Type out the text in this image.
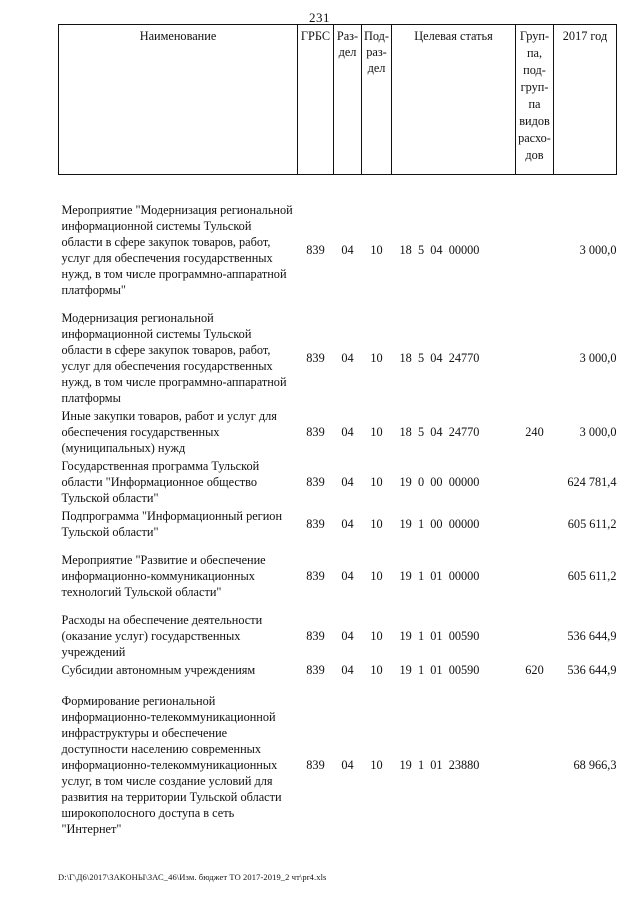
231
Наименование	ГРБС	Раз-дел	Под-раз-дел	Целевая статья	Груп-па, под-груп-па видов расхо-дов	2017 год

Мероприятие "Модернизация региональной информационной системы Тульской области в сфере закупок товаров, работ, услуг для обеспечения государственных нужд, в том числе программно-аппаратной платформы"	839	04	10	18  5  04  00000		3 000,0
Модернизация региональной информационной системы Тульской области в сфере закупок товаров, работ, услуг для обеспечения государственных нужд, в том числе программно-аппаратной платформы	839	04	10	18  5  04  24770		3 000,0
Иные закупки товаров, работ и услуг для обеспечения государственных (муниципальных) нужд	839	04	10	18  5  04  24770	240	3 000,0
Государственная программа Тульской области "Информационное общество Тульской области"	839	04	10	19  0  00  00000		624 781,4
Подпрограмма "Информационный регион Тульской области"	839	04	10	19  1  00  00000		605 611,2
Мероприятие "Развитие и обеспечение информационно-коммуникационных технологий Тульской области"	839	04	10	19  1  01  00000		605 611,2
Расходы на обеспечение деятельности (оказание услуг) государственных учреждений	839	04	10	19  1  01  00590		536 644,9
Субсидии автономным учреждениям	839	04	10	19  1  01  00590	620	536 644,9
Формирование региональной информационно-телекоммуникационной инфраструктуры и обеспечение доступности населению современных информационно-телекоммуникационных услуг, в том числе создание условий для развития на территории Тульской области широкополосного доступа в сеть "Интернет"	839	04	10	19  1  01  23880		68 966,3
D:\Г\Д6\2017\ЗАКОНЫ\ЗАС_46\Изм. бюджет ТО 2017-2019_2 чт\pr4.xls
